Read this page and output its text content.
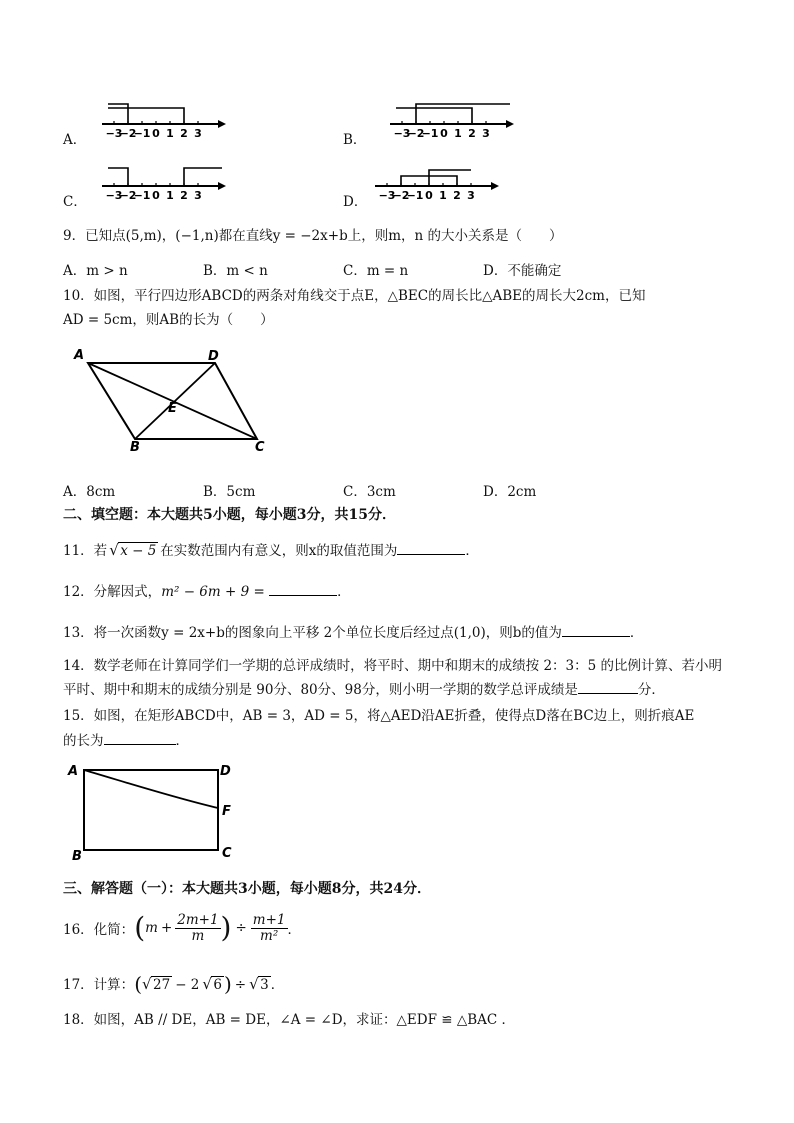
A．	B．
C．	D．
−3
−2
−1 0 1 2 3	−3
−2
−1 0 1 2 3
−3
−2
−1 0 1 2 3	−3
−2
−1 0 1 2 3
9．已知点(5,m)，(−1,n)都在直线y = −2x+b上，则m，n 的大小关系是（　　）
A．m > n	B．m < n	C．m = n	D．不能确定
10．如图，平行四边形ABCD的两条对角线交于点E，△BEC的周长比△ABE的周长大2cm，已知
AD = 5cm，则AB的长为（　　）
A	D
E
B	C
A．8cm	B．5cm	C．3cm	D．2cm
二、填空题：本大题共5小题，每小题3分，共15分．
11．若 √ x − 5 在实数范围内有意义，则x的取值范围为	．
12．分解因式，m² − 6m + 9 =	．
13．将一次函数y = 2x+b的图象向上平移 2个单位长度后经过点(1,0)，则b的值为	．
14．数学老师在计算同学们一学期的总评成绩时，将平时、期中和期末的成绩按 2：3：5 的比例计算、若小明
平时、期中和期末的成绩分别是 90分、80分、98分，则小明一学期的数学总评成绩是	分．
15．如图，在矩形ABCD中，AB = 3，AD = 5，将△AED沿AE折叠，使得点D落在BC边上，则折痕AE
的长为	．
A	D
F
B	C
三、解答题（一）：本大题共3小题，每小题8分，共24分．
16．化简： ( $m + \frac{2m+1}{m}$ ) ÷ $\frac{m+1}{\text{m²}}$ ．
17．计算：( √ 27 − 2 √ 6 ) ÷ √ 3 ．
18．如图，AB // DE，AB = DE，∠A = ∠D，求证：△EDF ≌ △BAC ．
